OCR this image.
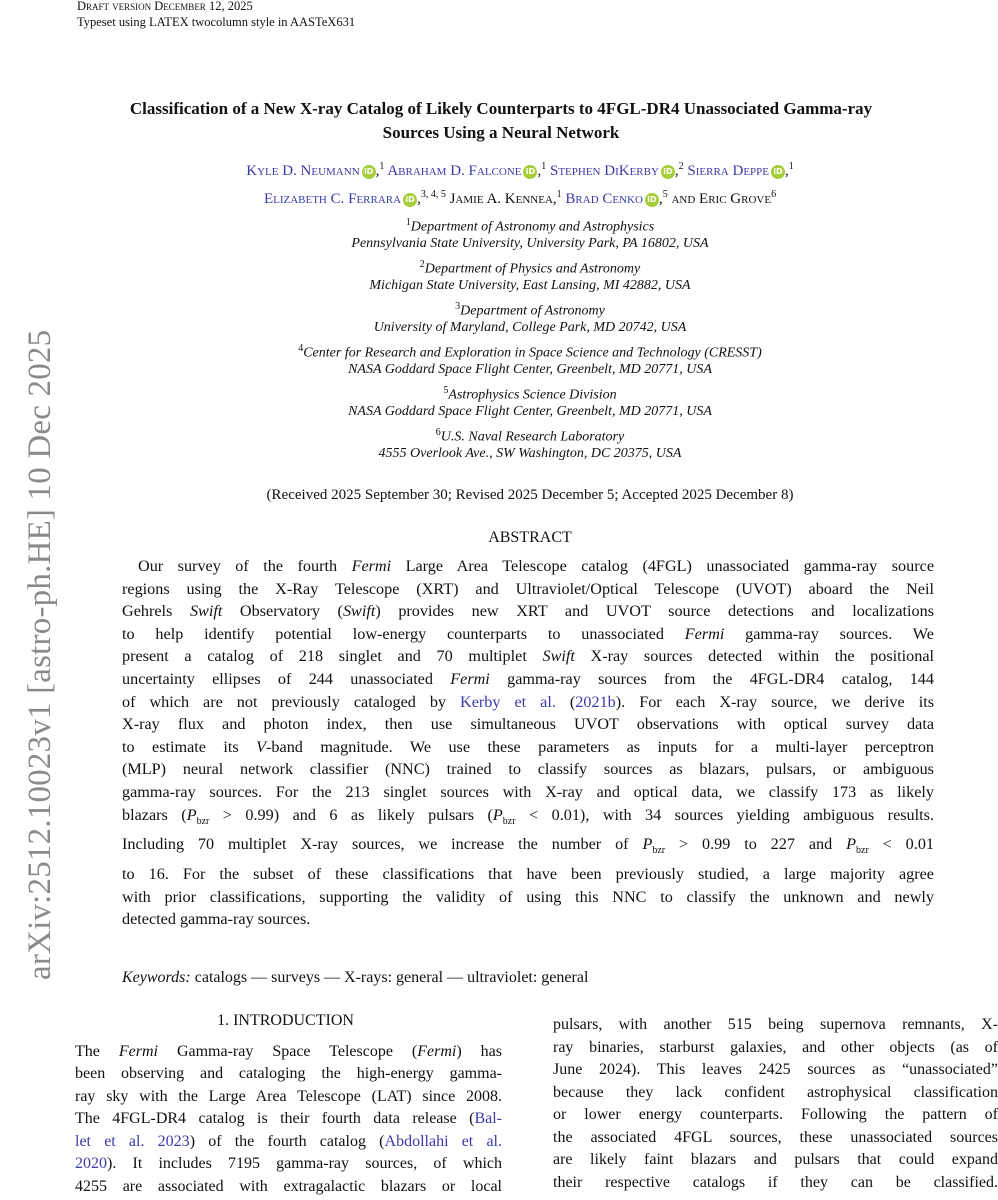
arXiv:2512.10023v1 [astro-ph.HE] 10 Dec 2025
Draft version December 12, 2025
Typeset using LATEX twocolumn style in AASTeX631
Classification of a New X-ray Catalog of Likely Counterparts to 4FGL-DR4 Unassociated Gamma-ray
Sources Using a Neural Network
Kyle D. Neumann iD ,$^1$ Abraham D. Falcone iD ,$^1$ Stephen DiKerby iD ,$^2$ Sierra Deppe iD ,$^1$
Elizabeth C. Ferrara iD ,$^{3, 4, 5}$ Jamie A. Kennea,$^1$ Brad Cenko iD ,$^5$ and Eric Grove$^6$
$^1$Department of Astronomy and Astrophysics
Pennsylvania State University, University Park, PA 16802, USA
$^2$Department of Physics and Astronomy
Michigan State University, East Lansing, MI 42882, USA
$^3$Department of Astronomy
University of Maryland, College Park, MD 20742, USA
$^4$Center for Research and Exploration in Space Science and Technology (CRESST)
NASA Goddard Space Flight Center, Greenbelt, MD 20771, USA
$^5$Astrophysics Science Division
NASA Goddard Space Flight Center, Greenbelt, MD 20771, USA
$^6$U.S. Naval Research Laboratory
4555 Overlook Ave., SW Washington, DC 20375, USA
(Received 2025 September 30; Revised 2025 December 5; Accepted 2025 December 8)
ABSTRACT
Our survey of the fourth Fermi Large Area Telescope catalog (4FGL) unassociated gamma-ray source
regions using the X-Ray Telescope (XRT) and Ultraviolet/Optical Telescope (UVOT) aboard the Neil
Gehrels Swift Observatory (Swift) provides new XRT and UVOT source detections and localizations
to help identify potential low-energy counterparts to unassociated Fermi gamma-ray sources. We
present a catalog of 218 singlet and 70 multiplet Swift X-ray sources detected within the positional
uncertainty ellipses of 244 unassociated Fermi gamma-ray sources from the 4FGL-DR4 catalog, 144
of which are not previously cataloged by Kerby et al. (2021b). For each X-ray source, we derive its
X-ray flux and photon index, then use simultaneous UVOT observations with optical survey data
to estimate its V-band magnitude. We use these parameters as inputs for a multi-layer perceptron
(MLP) neural network classifier (NNC) trained to classify sources as blazars, pulsars, or ambiguous
gamma-ray sources. For the 213 singlet sources with X-ray and optical data, we classify 173 as likely
blazars $(P_{bzr} > 0.99)$ and 6 as likely pulsars $(P_{bzr} < 0.01)$, with 34 sources yielding ambiguous results.
Including 70 multiplet X-ray sources, we increase the number of $P_{bzr} > 0.99$ to 227 and $P_{bzr} < 0.01$
to 16. For the subset of these classifications that have been previously studied, a large majority agree
with prior classifications, supporting the validity of using this NNC to classify the unknown and newly
detected gamma-ray sources.
Keywords: catalogs — surveys — X-rays: general — ultraviolet: general
1. INTRODUCTION
The Fermi Gamma-ray Space Telescope (Fermi) has
been observing and cataloging the high-energy gamma-
ray sky with the Large Area Telescope (LAT) since 2008.
The 4FGL-DR4 catalog is their fourth data release (Bal-
let et al. 2023) of the fourth catalog (Abdollahi et al.
2020). It includes 7195 gamma-ray sources, of which
4255 are associated with extragalactic blazars or local
pulsars, with another 515 being supernova remnants, X-
ray binaries, starburst galaxies, and other objects (as of
June 2024). This leaves 2425 sources as “unassociated”
because they lack confident astrophysical classification
or lower energy counterparts. Following the pattern of
the associated 4FGL sources, these unassociated sources
are likely faint blazars and pulsars that could expand
their respective catalogs if they can be classified.
